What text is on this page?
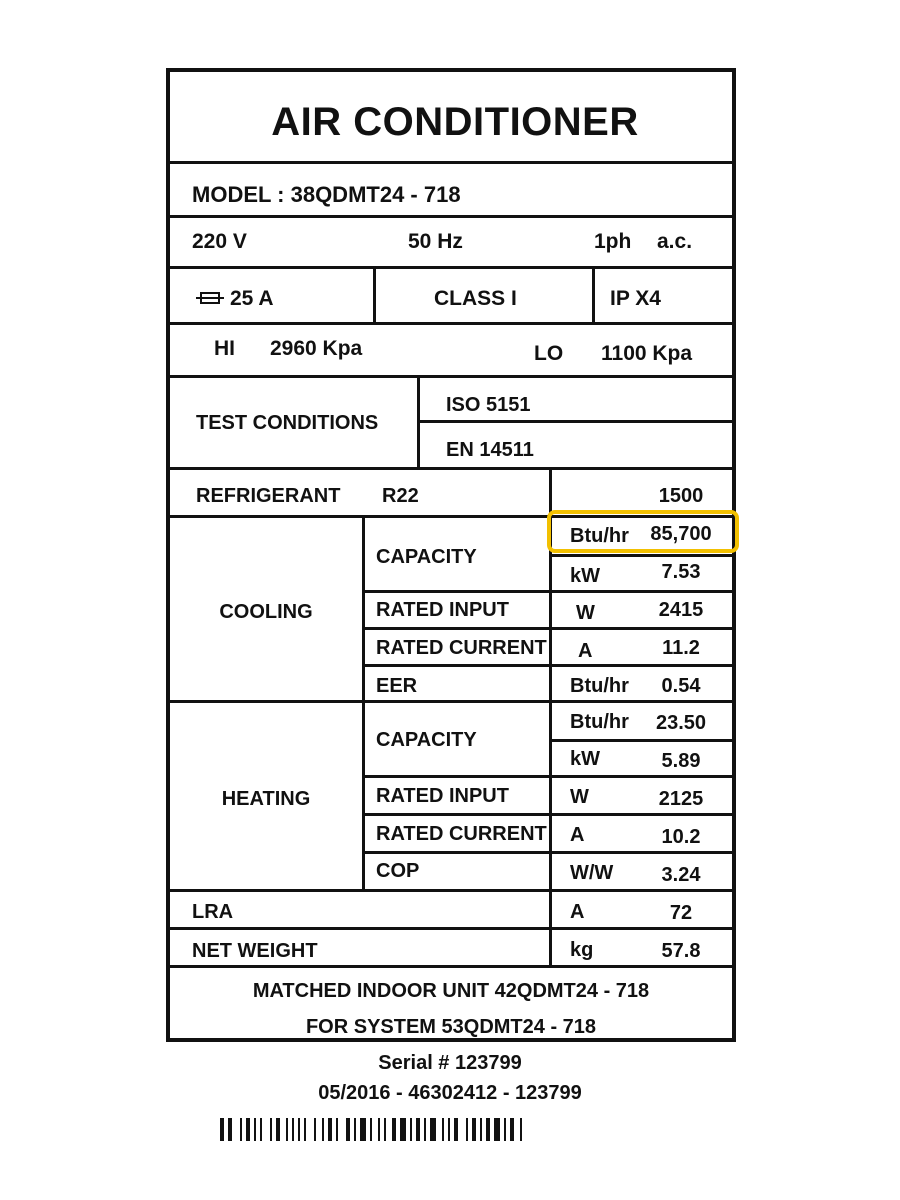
AIR CONDITIONER
MODEL : 38QDMT24 - 718
220 V	50 Hz	1ph a.c.
25 A	CLASS I	IP X4
HI 2960 Kpa	LO 1100 Kpa
TEST CONDITIONS
ISO 5151
EN 14511
REFRIGERANT R22	1500
COOLING
CAPACITY
Btu/hr	85,700
kW	7.53
RATED INPUT	W	2415
RATED CURRENT A	11.2
EER	Btu/hr	0.54
HEATING
CAPACITY
Btu/hr	23.50
kW	5.89
RATED INPUT	W	2125
RATED CURRENT A	10.2
COP	W/W	3.24
LRA	A	72
NET WEIGHT	kg	57.8
MATCHED INDOOR UNIT 42QDMT24 - 718
FOR SYSTEM 53QDMT24 - 718
Serial # 123799
05/2016 - 46302412 - 123799
